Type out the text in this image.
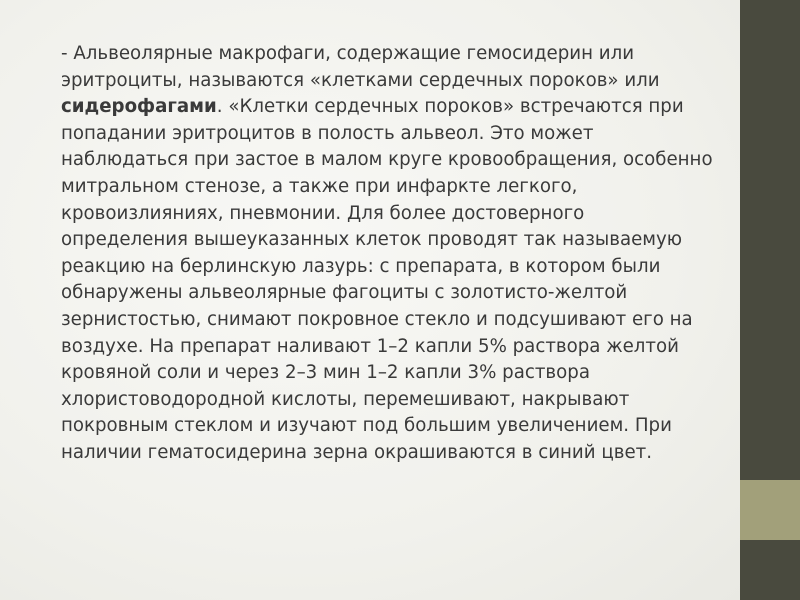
- Альвеолярные макрофаги, содержащие гемосидерин или эритроциты, называются «клетками сердечных пороков» или сидерофагами. «Клетки сердечных пороков» встречаются при попадании эритроцитов в полость альвеол. Это может наблюдаться при застое в малом круге кровообращения, особенно митральном стенозе, а также при инфаркте легкого, кровоизлияниях, пневмонии. Для более достоверного определения вышеуказанных клеток проводят так называемую реакцию на берлинскую лазурь: с препарата, в котором были обнаружены альвеолярные фагоциты с золотисто-желтой зернистостью, снимают покровное стекло и подсушивают его на воздухе. На препарат наливают 1–2 капли 5% раствора желтой кровяной соли и через 2–3 мин 1–2 капли 3% раствора хлористоводородной кислоты, перемешивают, накрывают покровным стеклом и изучают под большим увеличением. При наличии гематосидерина зерна окрашиваются в синий цвет.
